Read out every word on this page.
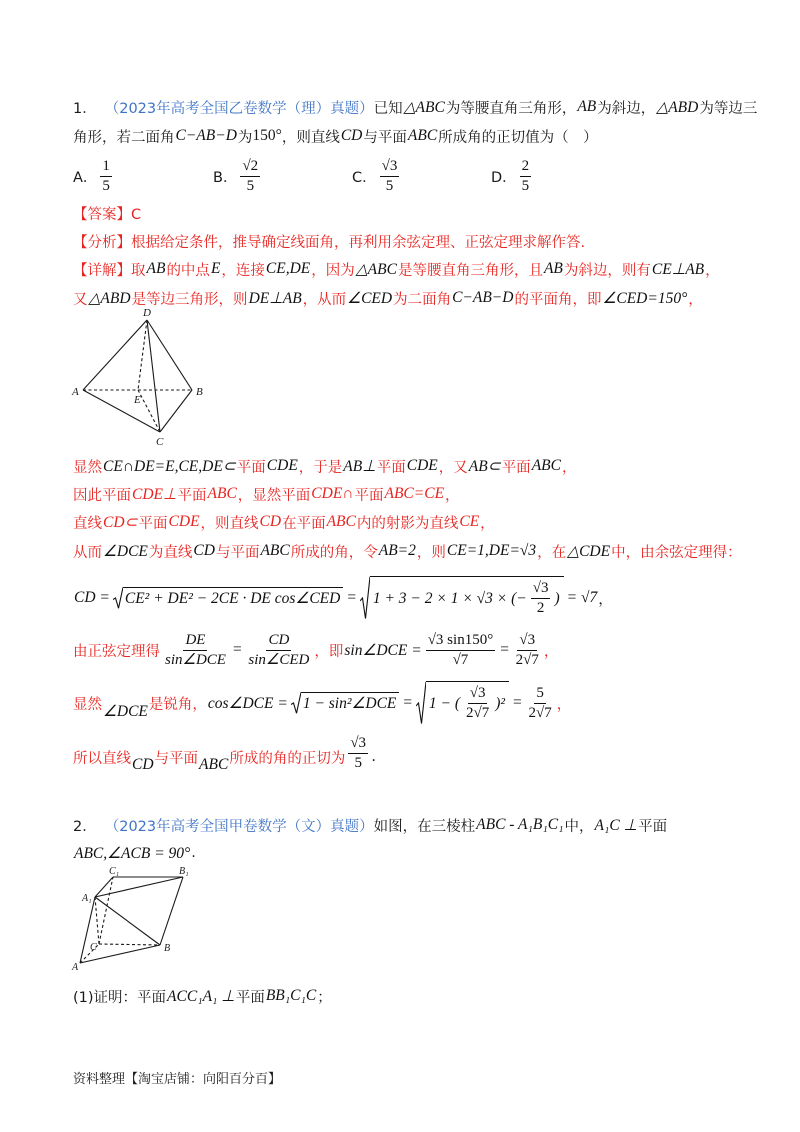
1． （2023年高考全国乙卷数学（理）真题） 已知 △ABC 为等腰直角三角形， AB 为斜边， △ABD 为等边三
角形，若二面角 C−AB−D 为 150° ，则直线 CD 与平面 ABC 所成角的正切值为（　）
A． $\frac{1}{5}$	B． $\frac{√2}{5}$	C． $\frac{√3}{5}$	D． $\frac{2}{5}$
【答案】C
【分析】根据给定条件，推导确定线面角，再利用余弦定理、正弦定理求解作答.
【详解】取 AB 的中点 E ，连接 CE,DE ，因为 △ABC 是等腰直角三角形，且 AB 为斜边，则有 CE⊥AB ，
又 △ABD 是等边三角形，则 DE⊥AB ，从而 ∠CED 为二面角 C−AB−D 的平面角，即 ∠CED=150° ，
D
A
E
B
C
显然 CE∩DE=E,CE,DE⊂ 平面 CDE ，于是 AB⊥ 平面 CDE ，又 AB⊂ 平面 ABC ，
因此平面 CDE⊥ 平面 ABC ，显然平面 CDE∩ 平面 ABC=CE ，
直线 CD⊂ 平面 CDE ，则直线 CD 在平面 ABC 内的射影为直线 CE ，
从而 ∠DCE 为直线 CD 与平面 ABC 所成的角，令 AB=2 ，则 CE=1,DE=√3 ，在 △CDE 中，由余弦定理得：
CD = CE² + DE² − 2CE · DE cos∠CED = 1 + 3 − 2 × 1 × √3 × (− $\frac{√3}{2}$ ) = √7 ，
由正弦定理得 $\frac{DE}{\text{sin∠DCE}} = \frac{CD}{\text{sin∠CED}}$ ，即 sin∠DCE = $\frac{√3 \sin 150^\circ}{√7} = \frac{√3}{2√7}$ ，
显然 ∠DCE 是锐角， cos∠DCE = 1 − sin²∠DCE = 1 − ( $\frac{√3}{2√7} )^2 = \frac{5}{2√7}$ ，
所以直线 CD 与平面 ABC 所成的角的正切为 $\frac{√3}{5}$ .
2． （2023年高考全国甲卷数学（文）真题） 如图，在三棱柱 ABC - A₁B₁C₁ 中， A₁C ⊥ 平面
ABC,∠ACB = 90° .
C₁	B₁
A₁
C	B
A
(1)证明：平面 ACC₁A₁ ⊥ 平面 BB₁C₁C ；
资料整理【淘宝店铺：向阳百分百】
